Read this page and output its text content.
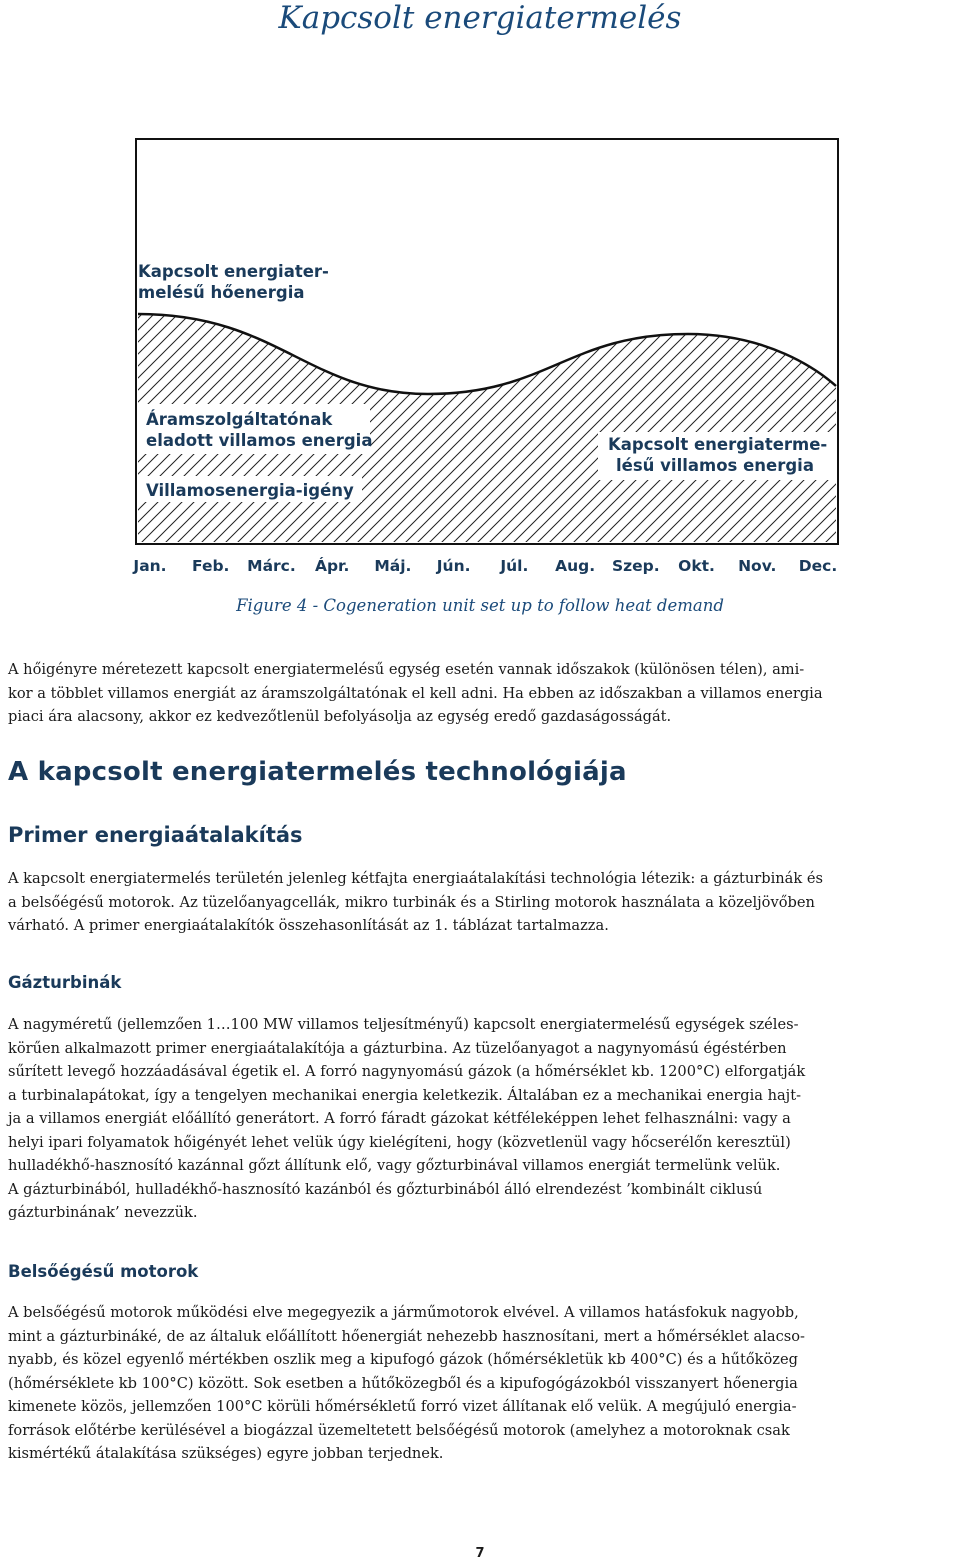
Kapcsolt energiatermelés
Kapcsolt energiater-
melésű hőenergia
Áramszolgáltatónak
eladott villamos energia
Villamosenergia-igény
Kapcsolt energiaterme-
lésű villamos energia
Jan. Feb. Márc. Ápr. Máj. Jún. Júl. Aug. Szep. Okt. Nov. Dec.
Figure 4 - Cogeneration unit set up to follow heat demand

A hőigényre méretezett kapcsolt energiatermelésű egység esetén vannak időszakok (különösen télen), ami-
kor a többlet villamos energiát az áramszolgáltatónak el kell adni. Ha ebben az időszakban a villamos energia
piaci ára alacsony, akkor ez kedvezőtlenül befolyásolja az egység eredő gazdaságosságát.

A kapcsolt energiatermelés technológiája
Primer energiaátalakítás

A kapcsolt energiatermelés területén jelenleg kétfajta energiaátalakítási technológia létezik: a gázturbinák és
a belsőégésű motorok. Az tüzelőanyagcellák, mikro turbinák és a Stirling motorok használata a közeljövőben
várható. A primer energiaátalakítók összehasonlítását az 1. táblázat tartalmazza.

Gázturbinák

A nagyméretű (jellemzően 1…100 MW villamos teljesítményű) kapcsolt energiatermelésű egységek széles-
körűen alkalmazott primer energiaátalakítója a gázturbina. Az tüzelőanyagot a nagynyomású égéstérben
sűrített levegő hozzáadásával égetik el. A forró nagynyomású gázok (a hőmérséklet kb. 1200°C) elforgatják
a turbinalapátokat, így a tengelyen mechanikai energia keletkezik. Általában ez a mechanikai energia hajt-
ja a villamos energiát előállító generátort. A forró fáradt gázokat kétféleképpen lehet felhasználni: vagy a
helyi ipari folyamatok hőigényét lehet velük úgy kielégíteni, hogy (közvetlenül vagy hőcserélőn keresztül)
hulladékhő-hasznosító kazánnal gőzt állítunk elő, vagy gőzturbinával villamos energiát termelünk velük.
A gázturbinából, hulladékhő-hasznosító kazánból és gőzturbinából álló elrendezést ’kombinált ciklusú
gázturbinának’ nevezzük.

Belsőégésű motorok

A belsőégésű motorok működési elve megegyezik a járműmotorok elvével. A villamos hatásfokuk nagyobb,
mint a gázturbináké, de az általuk előállított hőenergiát nehezebb hasznosítani, mert a hőmérséklet alacso-
nyabb, és közel egyenlő mértékben oszlik meg a kipufogó gázok (hőmérsékletük kb 400°C) és a hűtőközeg
(hőmérséklete kb 100°C) között. Sok esetben a hűtőközegből és a kipufogógázokból visszanyert hőenergia
kimenete közös, jellemzően 100°C körüli hőmérsékletű forró vizet állítanak elő velük. A megújuló energia-
források előtérbe kerülésével a biogázzal üzemeltetett belsőégésű motorok (amelyhez a motoroknak csak
kismértékű átalakítása szükséges) egyre jobban terjednek.

7
